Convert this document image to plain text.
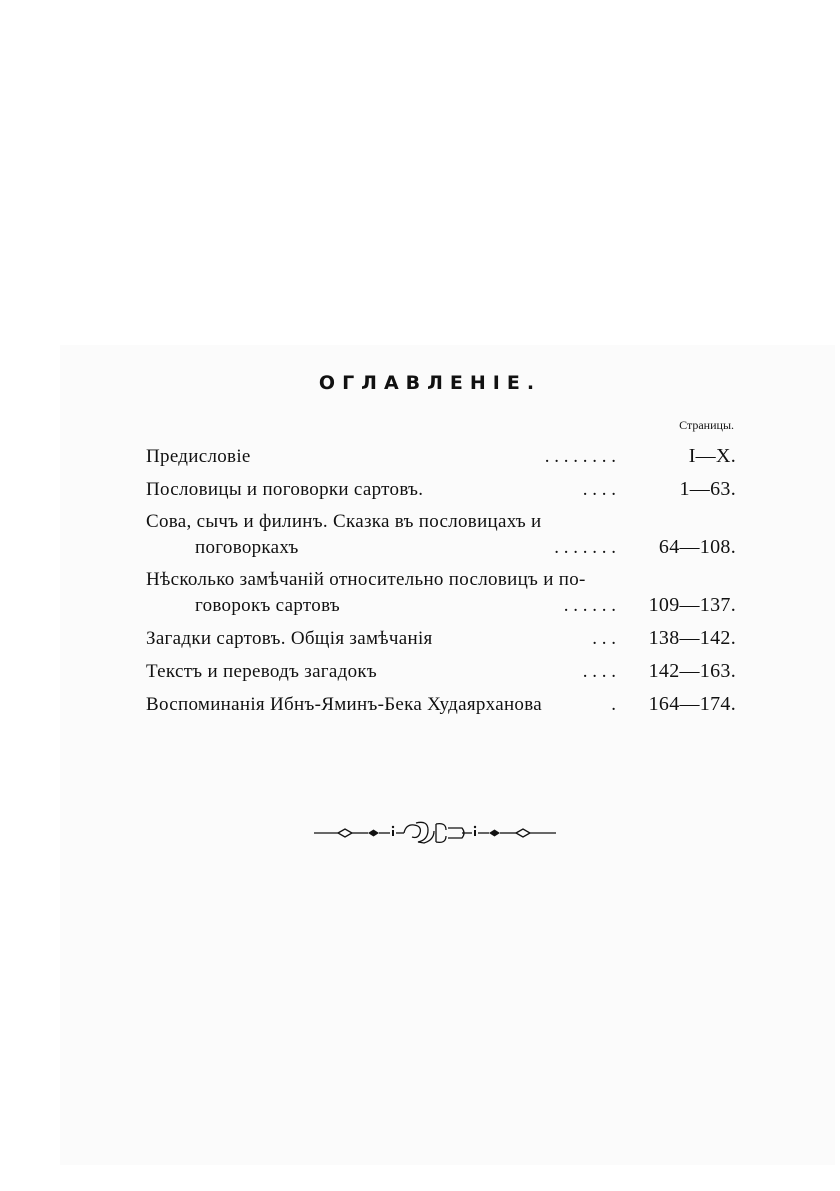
ОГЛАВЛЕНІЕ.
Страницы.
Предисловіе	. . . . . . . .	I—X.
Пословицы и поговорки сартовъ.	. . . .	1—63.
Сова, сычъ и филинъ. Сказка въ пословицахъ и
поговоркахъ	. . . . . . .	64—108.
Нѣсколько замѣчаній относительно пословицъ и по-
говорокъ сартовъ	. . . . . .	109—137.
Загадки сартовъ. Общія замѣчанія	. . .	138—142.
Текстъ и переводъ загадокъ	. . . .	142—163.
Воспоминанія Ибнъ-Яминъ-Бека Худаярханова	.	164—174.
